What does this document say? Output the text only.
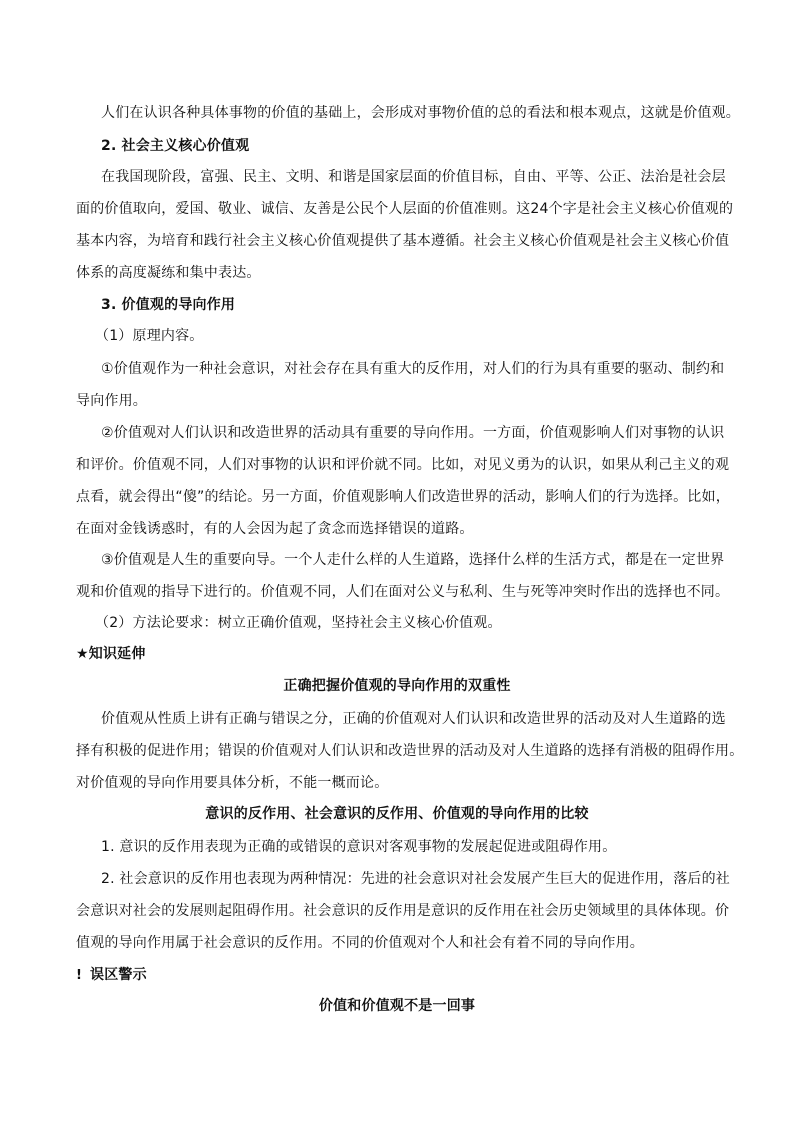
人们在认识各种具体事物的价值的基础上，会形成对事物价值的总的看法和根本观点，这就是价值观。
2. 社会主义核心价值观
在我国现阶段，富强、民主、文明、和谐是国家层面的价值目标，自由、平等、公正、法治是社会层
面的价值取向，爱国、敬业、诚信、友善是公民个人层面的价值准则。这24个字是社会主义核心价值观的
基本内容，为培育和践行社会主义核心价值观提供了基本遵循。社会主义核心价值观是社会主义核心价值
体系的高度凝练和集中表达。
3. 价值观的导向作用
（1）原理内容。
①价值观作为一种社会意识，对社会存在具有重大的反作用，对人们的行为具有重要的驱动、制约和
导向作用。
②价值观对人们认识和改造世界的活动具有重要的导向作用。一方面，价值观影响人们对事物的认识
和评价。价值观不同，人们对事物的认识和评价就不同。比如，对见义勇为的认识，如果从利己主义的观
点看，就会得出“傻”的结论。另一方面，价值观影响人们改造世界的活动，影响人们的行为选择。比如，
在面对金钱诱惑时，有的人会因为起了贪念而选择错误的道路。
③价值观是人生的重要向导。一个人走什么样的人生道路，选择什么样的生活方式，都是在一定世界
观和价值观的指导下进行的。价值观不同，人们在面对公义与私利、生与死等冲突时作出的选择也不同。
（2）方法论要求：树立正确价值观，坚持社会主义核心价值观。
★知识延伸
正确把握价值观的导向作用的双重性
价值观从性质上讲有正确与错误之分，正确的价值观对人们认识和改造世界的活动及对人生道路的选
择有积极的促进作用；错误的价值观对人们认识和改造世界的活动及对人生道路的选择有消极的阻碍作用。
对价值观的导向作用要具体分析，不能一概而论。
意识的反作用、社会意识的反作用、价值观的导向作用的比较
1. 意识的反作用表现为正确的或错误的意识对客观事物的发展起促进或阻碍作用。
2. 社会意识的反作用也表现为两种情况：先进的社会意识对社会发展产生巨大的促进作用，落后的社
会意识对社会的发展则起阻碍作用。社会意识的反作用是意识的反作用在社会历史领域里的具体体现。价
值观的导向作用属于社会意识的反作用。不同的价值观对个人和社会有着不同的导向作用。
! 误区警示
价值和价值观不是一回事
